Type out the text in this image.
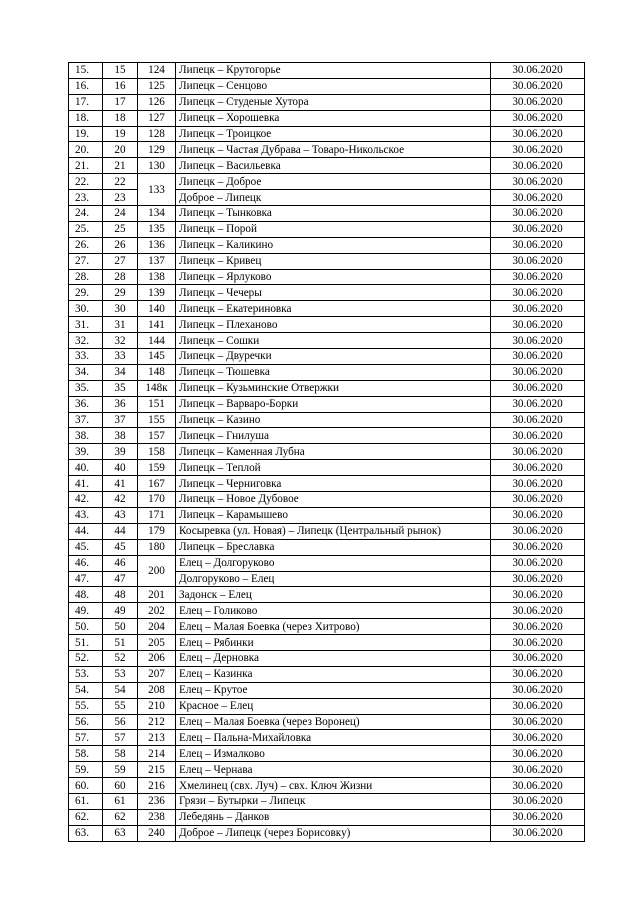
15.	15	124	Липецк – Крутогорье	30.06.2020
16.	16	125	Липецк – Сенцово	30.06.2020
17.	17	126	Липецк – Студеные Хутора	30.06.2020
18.	18	127	Липецк – Хорошевка	30.06.2020
19.	19	128	Липецк – Троицкое	30.06.2020
20.	20	129	Липецк – Частая Дубрава – Товаро-Никольское	30.06.2020
21.	21	130	Липецк – Васильевка	30.06.2020
22.	22	133	Липецк – Доброе	30.06.2020
23.	23		Доброе – Липецк	30.06.2020
24.	24	134	Липецк – Тынковка	30.06.2020
25.	25	135	Липецк – Порой	30.06.2020
26.	26	136	Липецк – Каликино	30.06.2020
27.	27	137	Липецк – Кривец	30.06.2020
28.	28	138	Липецк – Ярлуково	30.06.2020
29.	29	139	Липецк – Чечеры	30.06.2020
30.	30	140	Липецк – Екатериновка	30.06.2020
31.	31	141	Липецк – Плеханово	30.06.2020
32.	32	144	Липецк – Сошки	30.06.2020
33.	33	145	Липецк – Двуречки	30.06.2020
34.	34	148	Липецк – Тюшевка	30.06.2020
35.	35	148к	Липецк – Кузьминские Отвержки	30.06.2020
36.	36	151	Липецк – Варваро-Борки	30.06.2020
37.	37	155	Липецк – Казино	30.06.2020
38.	38	157	Липецк – Гнилуша	30.06.2020
39.	39	158	Липецк – Каменная Лубна	30.06.2020
40.	40	159	Липецк – Теплой	30.06.2020
41.	41	167	Липецк – Черниговка	30.06.2020
42.	42	170	Липецк – Новое Дубовое	30.06.2020
43.	43	171	Липецк – Карамышево	30.06.2020
44.	44	179	Косыревка (ул. Новая) – Липецк (Центральный рынок)	30.06.2020
45.	45	180	Липецк – Бреславка	30.06.2020
46.	46	200	Елец – Долгоруково	30.06.2020
47.	47		Долгоруково – Елец	30.06.2020
48.	48	201	Задонск – Елец	30.06.2020
49.	49	202	Елец – Голиково	30.06.2020
50.	50	204	Елец – Малая Боевка (через Хитрово)	30.06.2020
51.	51	205	Елец – Рябинки	30.06.2020
52.	52	206	Елец – Дерновка	30.06.2020
53.	53	207	Елец – Казинка	30.06.2020
54.	54	208	Елец – Крутое	30.06.2020
55.	55	210	Красное – Елец	30.06.2020
56.	56	212	Елец – Малая Боевка (через Воронец)	30.06.2020
57.	57	213	Елец – Пальна-Михайловка	30.06.2020
58.	58	214	Елец – Измалково	30.06.2020
59.	59	215	Елец – Чернава	30.06.2020
60.	60	216	Хмелинец (свх. Луч) – свх. Ключ Жизни	30.06.2020
61.	61	236	Грязи – Бутырки – Липецк	30.06.2020
62.	62	238	Лебедянь – Данков	30.06.2020
63.	63	240	Доброе – Липецк (через Борисовку)	30.06.2020
